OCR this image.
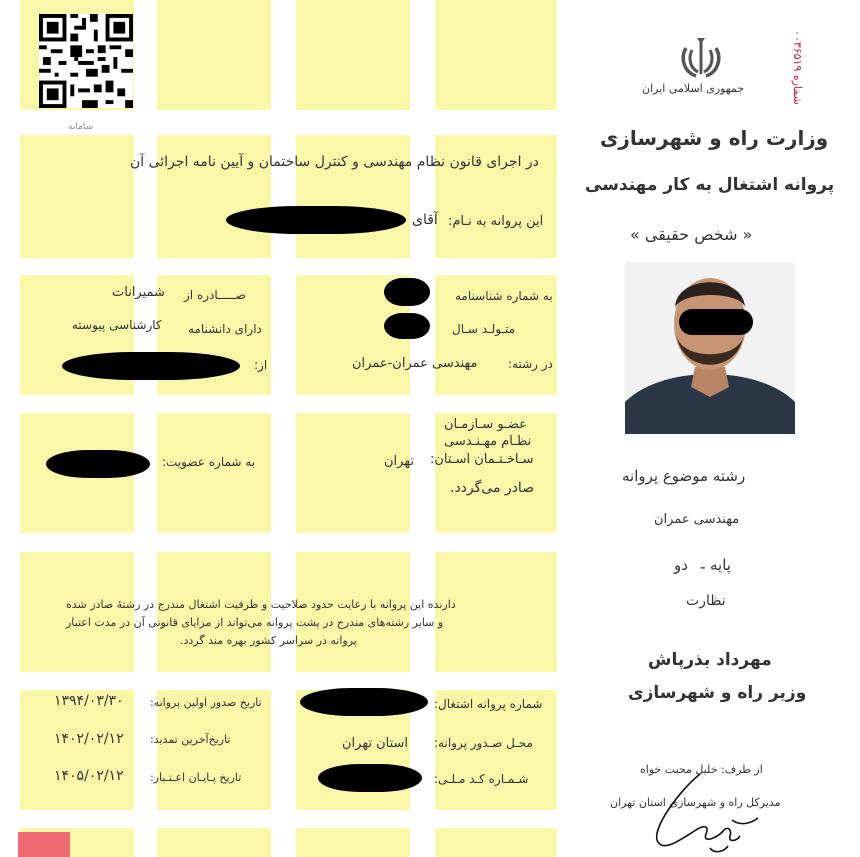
سامانه
جمهوری اسلامی ایران
شماره ۰۰۳۶۵۱۹
وزارت راه و شهرسازی
پروانه اشتغال به کار مهندسی
« شخص حقیقی »
در اجرای قانون نظام مهندسی و کنترل ساختمان و آیین نامه اجرائی آن
این پروانه به نـام:
آقای
به شماره شناسنامه
صـــــادره از
شمیرانات
متـولـد سـال
دارای دانشنامه
کارشناسی پیوسته
در رشته:
مهندسی عمران-عمران
از:
عضـو سـازمـان
نظـام مهـنـدسی
سـاخـتـمان اسـتان:
تهران
به شماره عضویت:
صادر می‌گردد.
دارنده این پروانه با رعایت حدود صلاحیت و ظرفیت اشتغال مندرج در رشتهٔ صادر شده
و سایر رشته‌های مندرج در پشت پروانه می‌تواند از مزایای قانونی آن در مدت اعتبار
پروانه در سراسر کشور بهره مند گردد.
شماره پروانه اشتغال:
محـل صـدور پروانه:
استان تهران
شـمـاره کـد مـلـی:
تاریخ صدور اولین پروانه:
۱۳۹۴/۰۳/۳۰
تاریخ‌آخرین تمدید:
۱۴۰۲/۰۲/۱۲
تاریخ پـایـان اعـتـبار:
۱۴۰۵/۰۲/۱۲
رشته موضوع پروانه
مهندسی عمران
پایه
-
دو
نظارت
مهرداد بذرپاش
وزیر راه و شهرسازی
از طرف: خلیل محبت خواه
مدیرکل راه و شهرسازی استان تهران
